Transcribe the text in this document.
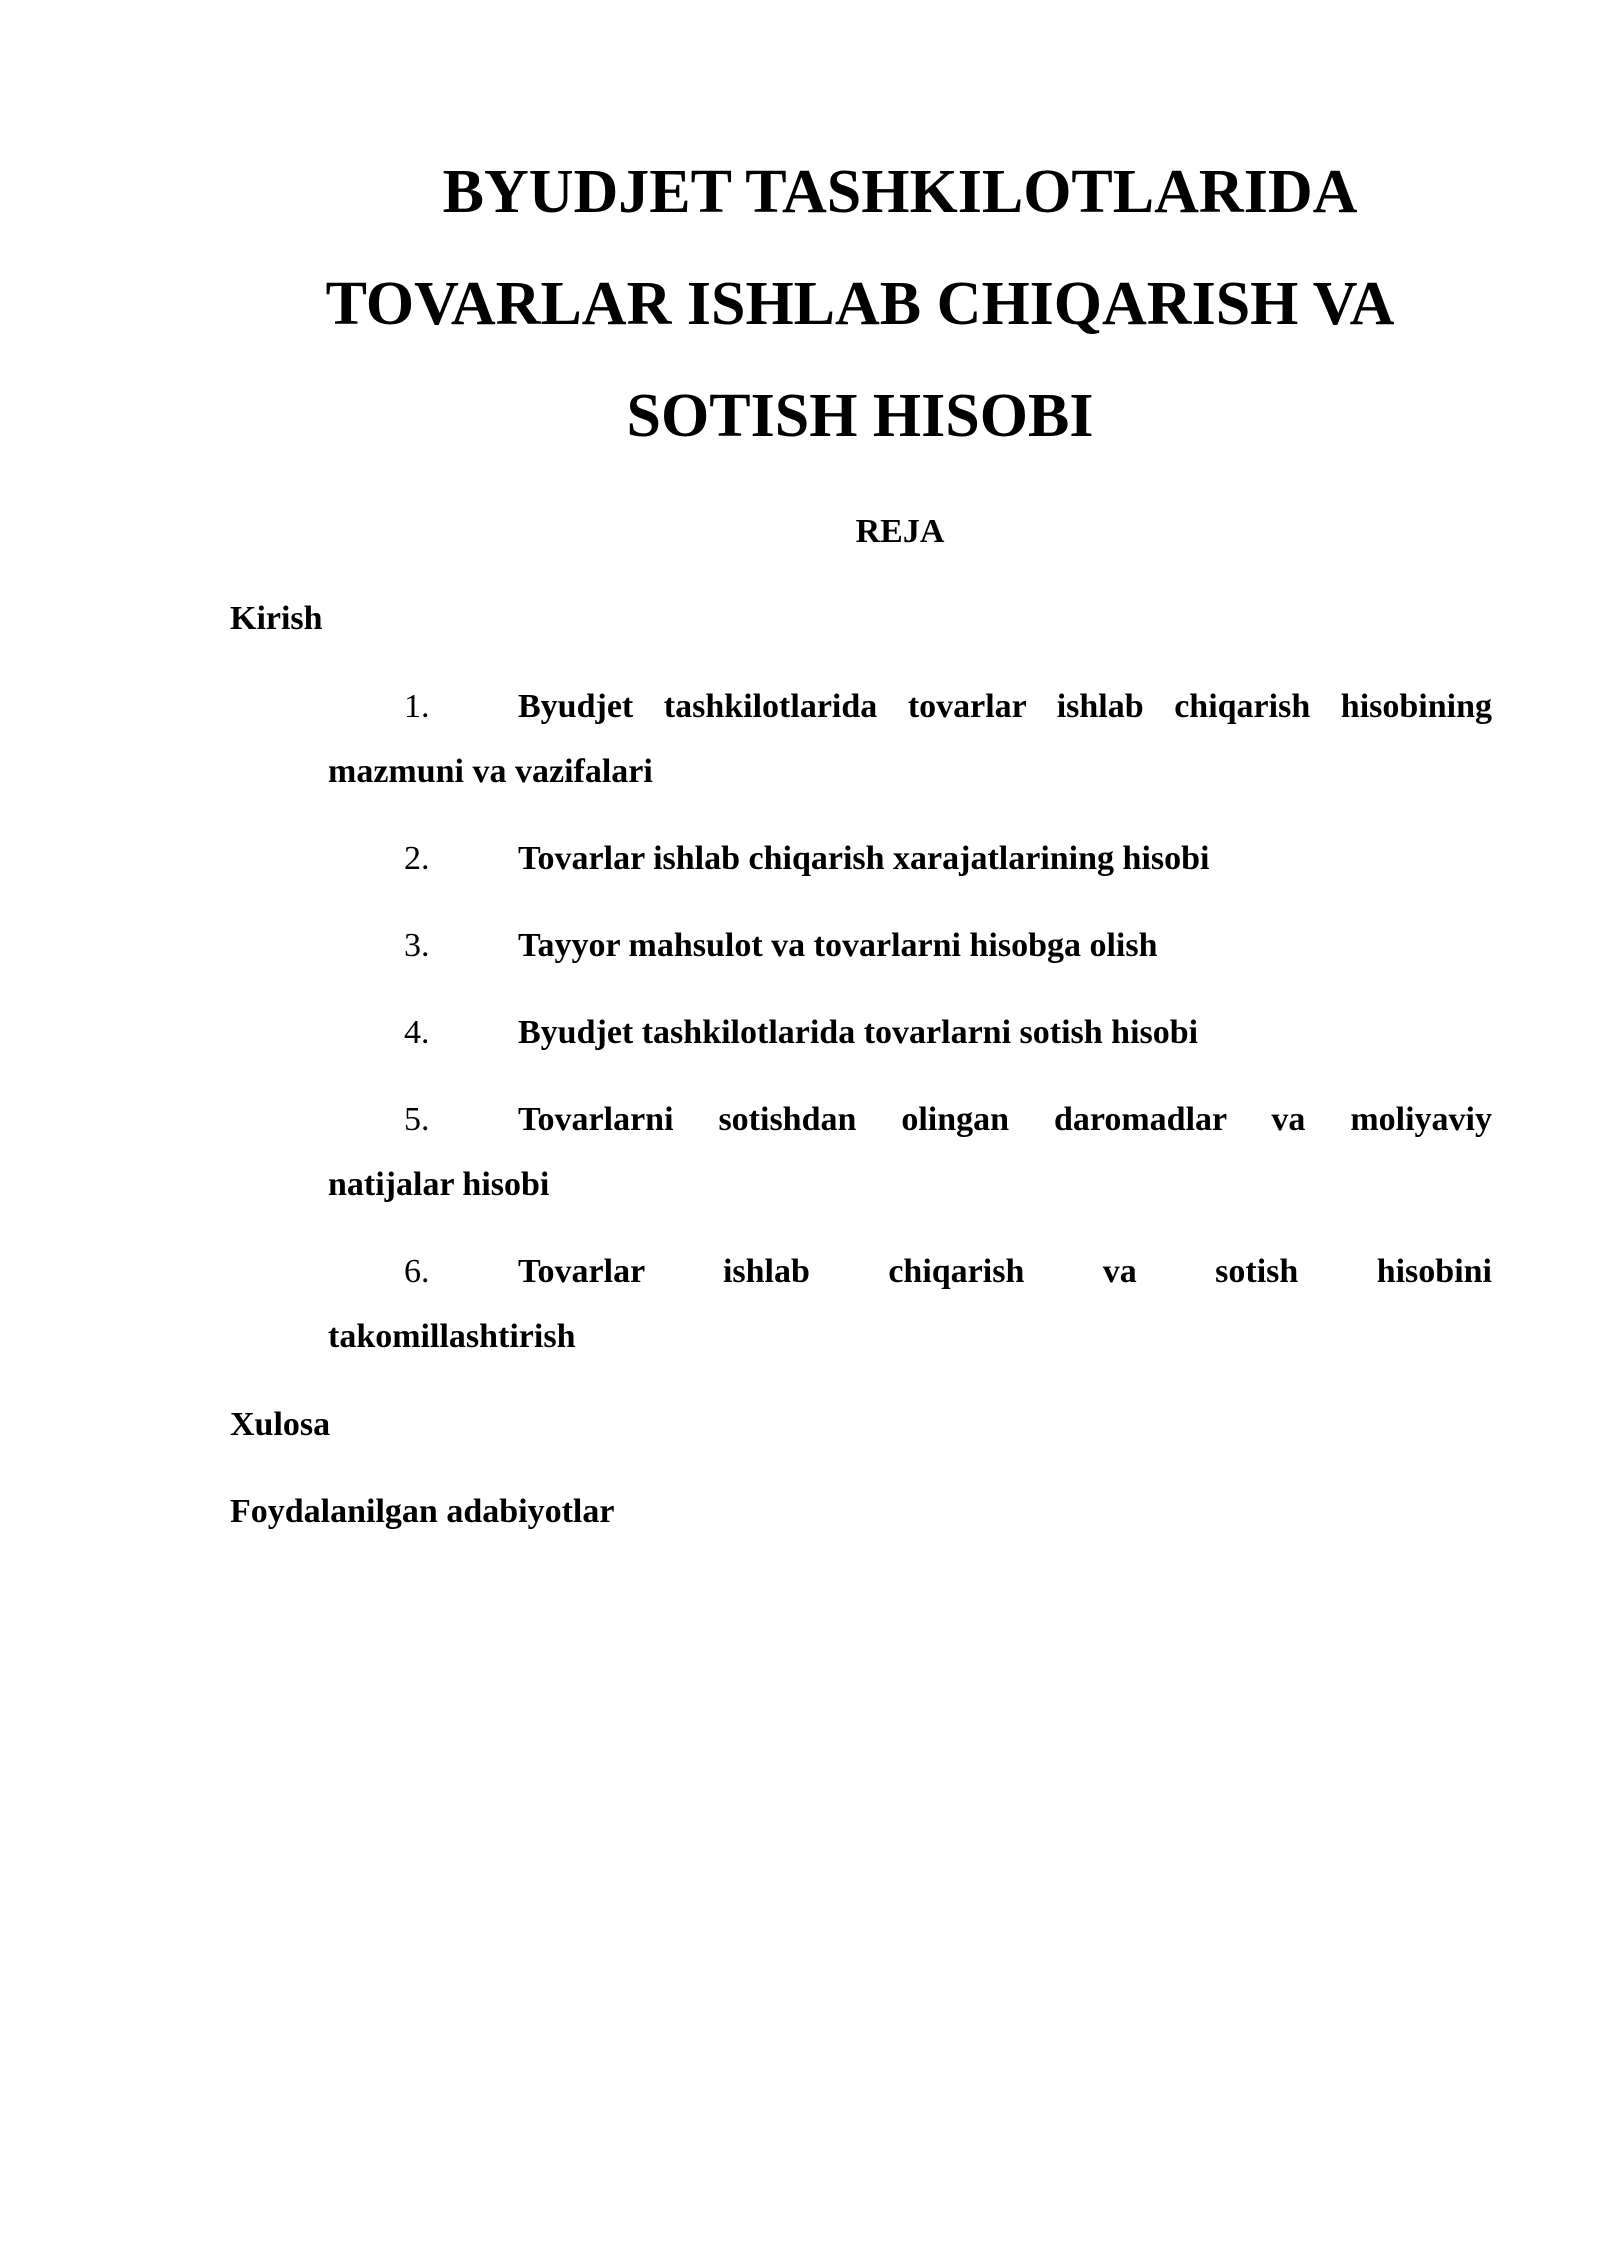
BYUDJET TASHKILOTLARIDA
TOVARLAR ISHLAB CHIQARISH VA
SOTISH HISOBI

REJA

Kirish

1.	Byudjet tashkilotlarida tovarlar ishlab chiqarish hisobining
mazmuni va vazifalari
2.	Tovarlar ishlab chiqarish xarajatlarining hisobi
3.	Tayyor mahsulot va tovarlarni hisobga olish
4.	Byudjet tashkilotlarida tovarlarni sotish hisobi
5.	Tovarlarni sotishdan olingan daromadlar va moliyaviy
natijalar hisobi
6.	Tovarlar ishlab chiqarish va sotish hisobini
takomillashtirish

Xulosa

Foydalanilgan adabiyotlar
